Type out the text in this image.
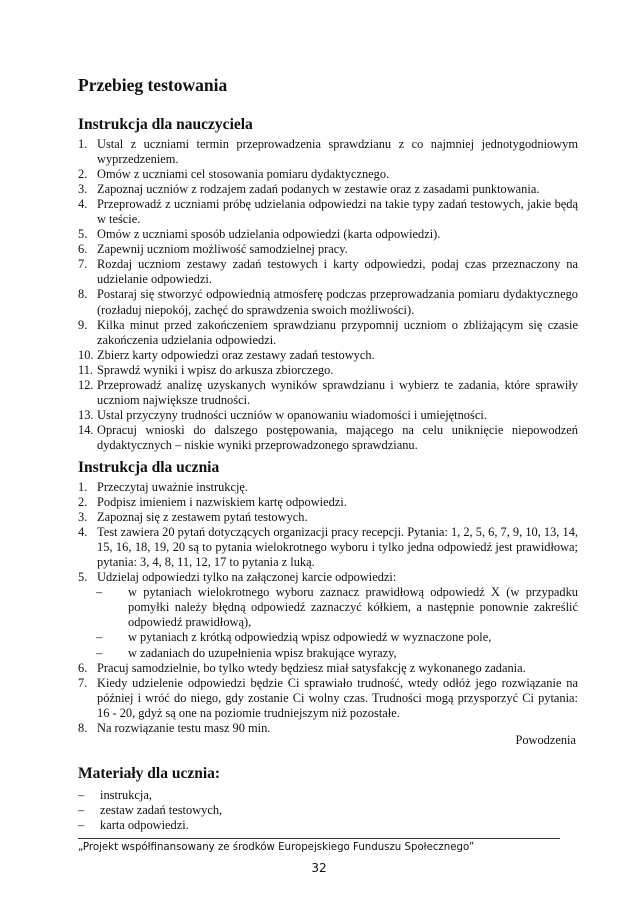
Przebieg testowania
Instrukcja dla nauczyciela
1. Ustal z uczniami termin przeprowadzenia sprawdzianu z co najmniej jednotygodniowym wyprzedzeniem.
2. Omów z uczniami cel stosowania pomiaru dydaktycznego.
3. Zapoznaj uczniów z rodzajem zadań podanych w zestawie oraz z zasadami punktowania.
4. Przeprowadź z uczniami próbę udzielania odpowiedzi na takie typy zadań testowych, jakie będą w teście.
5. Omów z uczniami sposób udzielania odpowiedzi (karta odpowiedzi).
6. Zapewnij uczniom możliwość samodzielnej pracy.
7. Rozdaj uczniom zestawy zadań testowych i karty odpowiedzi, podaj czas przeznaczony na udzielanie odpowiedzi.
8. Postaraj się stworzyć odpowiednią atmosferę podczas przeprowadzania pomiaru dydaktycznego (rozładuj niepokój, zachęć do sprawdzenia swoich możliwości).
9. Kilka minut przed zakończeniem sprawdzianu przypomnij uczniom o zbliżającym się czasie zakończenia udzielania odpowiedzi.
10. Zbierz karty odpowiedzi oraz zestawy zadań testowych.
11. Sprawdź wyniki i wpisz do arkusza zbiorczego.
12. Przeprowadź analizę uzyskanych wyników sprawdzianu i wybierz te zadania, które sprawiły uczniom największe trudności.
13. Ustal przyczyny trudności uczniów w opanowaniu wiadomości i umiejętności.
14. Opracuj wnioski do dalszego postępowania, mającego na celu uniknięcie niepowodzeń dydaktycznych – niskie wyniki przeprowadzonego sprawdzianu.
Instrukcja dla ucznia
1. Przeczytaj uważnie instrukcję.
2. Podpisz imieniem i nazwiskiem kartę odpowiedzi.
3. Zapoznaj się z zestawem pytań testowych.
4. Test zawiera 20 pytań dotyczących organizacji pracy recepcji. Pytania: 1, 2, 5, 6, 7, 9, 10, 13, 14, 15, 16, 18, 19, 20 są to pytania wielokrotnego wyboru i tylko jedna odpowiedź jest prawidłowa; pytania: 3, 4, 8, 11, 12, 17 to pytania z luką.
5. Udzielaj odpowiedzi tylko na załączonej karcie odpowiedzi:
– w pytaniach wielokrotnego wyboru zaznacz prawidłową odpowiedź X (w przypadku pomyłki należy błędną odpowiedź zaznaczyć kółkiem, a następnie ponownie zakreślić odpowiedź prawidłową),
– w pytaniach z krótką odpowiedzią wpisz odpowiedź w wyznaczone pole,
– w zadaniach do uzupełnienia wpisz brakujące wyrazy,
6. Pracuj samodzielnie, bo tylko wtedy będziesz miał satysfakcję z wykonanego zadania.
7. Kiedy udzielenie odpowiedzi będzie Ci sprawiało trudność, wtedy odłóż jego rozwiązanie na później i wróć do niego, gdy zostanie Ci wolny czas. Trudności mogą przysporzyć Ci pytania: 16 - 20, gdyż są one na poziomie trudniejszym niż pozostałe.
8. Na rozwiązanie testu masz 90 min.
Powodzenia
Materiały dla ucznia:
– instrukcja,
– zestaw zadań testowych,
– karta odpowiedzi.
„Projekt współfinansowany ze środków Europejskiego Funduszu Społecznego”
32
